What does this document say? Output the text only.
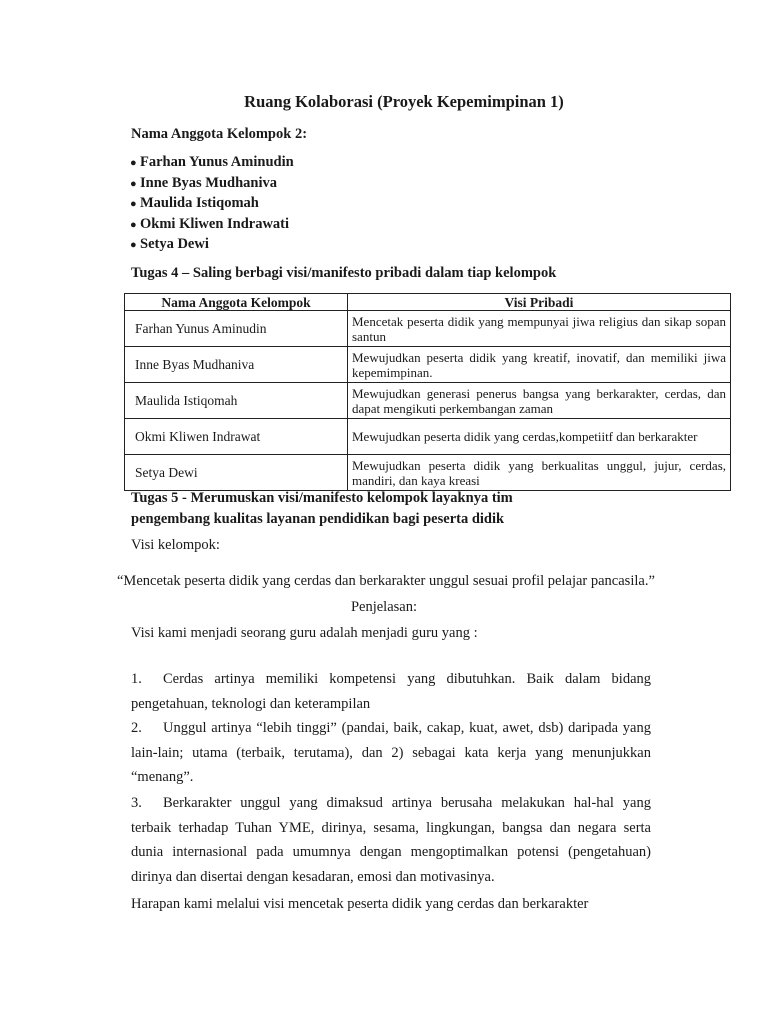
Ruang Kolaborasi (Proyek Kepemimpinan 1)
Nama Anggota Kelompok 2:
● Farhan Yunus Aminudin
● Inne Byas Mudhaniva
● Maulida Istiqomah
● Okmi Kliwen Indrawati
● Setya Dewi
Tugas 4 – Saling berbagi visi/manifesto pribadi dalam tiap kelompok
Nama Anggota Kelompok	Visi Pribadi
Farhan Yunus Aminudin	Mencetak peserta didik yang mempunyai jiwa religius dan sikap sopan santun
Inne Byas Mudhaniva	Mewujudkan peserta didik yang kreatif, inovatif, dan memiliki jiwa kepemimpinan.
Maulida Istiqomah	Mewujudkan generasi penerus bangsa yang berkarakter, cerdas, dan dapat mengikuti perkembangan zaman
Okmi Kliwen Indrawat	Mewujudkan peserta didik yang cerdas,kompetiitf dan berkarakter
Setya Dewi	Mewujudkan peserta didik yang berkualitas unggul, jujur, cerdas, mandiri, dan kaya kreasi
Tugas 5 - Merumuskan visi/manifesto kelompok layaknya tim pengembang kualitas layanan pendidikan bagi peserta didik
Visi kelompok:
“Mencetak peserta didik yang cerdas dan berkarakter unggul sesuai profil pelajar pancasila.”
Penjelasan:
Visi kami menjadi seorang guru adalah menjadi guru yang :
1. Cerdas artinya memiliki kompetensi yang dibutuhkan. Baik dalam bidang pengetahuan, teknologi dan keterampilan
2. Unggul artinya “lebih tinggi” (pandai, baik, cakap, kuat, awet, dsb) daripada yang lain-lain; utama (terbaik, terutama), dan 2) sebagai kata kerja yang menunjukkan “menang”.
3. Berkarakter unggul yang dimaksud artinya berusaha melakukan hal-hal yang terbaik terhadap Tuhan YME, dirinya, sesama, lingkungan, bangsa dan negara serta dunia internasional pada umumnya dengan mengoptimalkan potensi (pengetahuan) dirinya dan disertai dengan kesadaran, emosi dan motivasinya.
Harapan kami melalui visi mencetak peserta didik yang cerdas dan berkarakter
